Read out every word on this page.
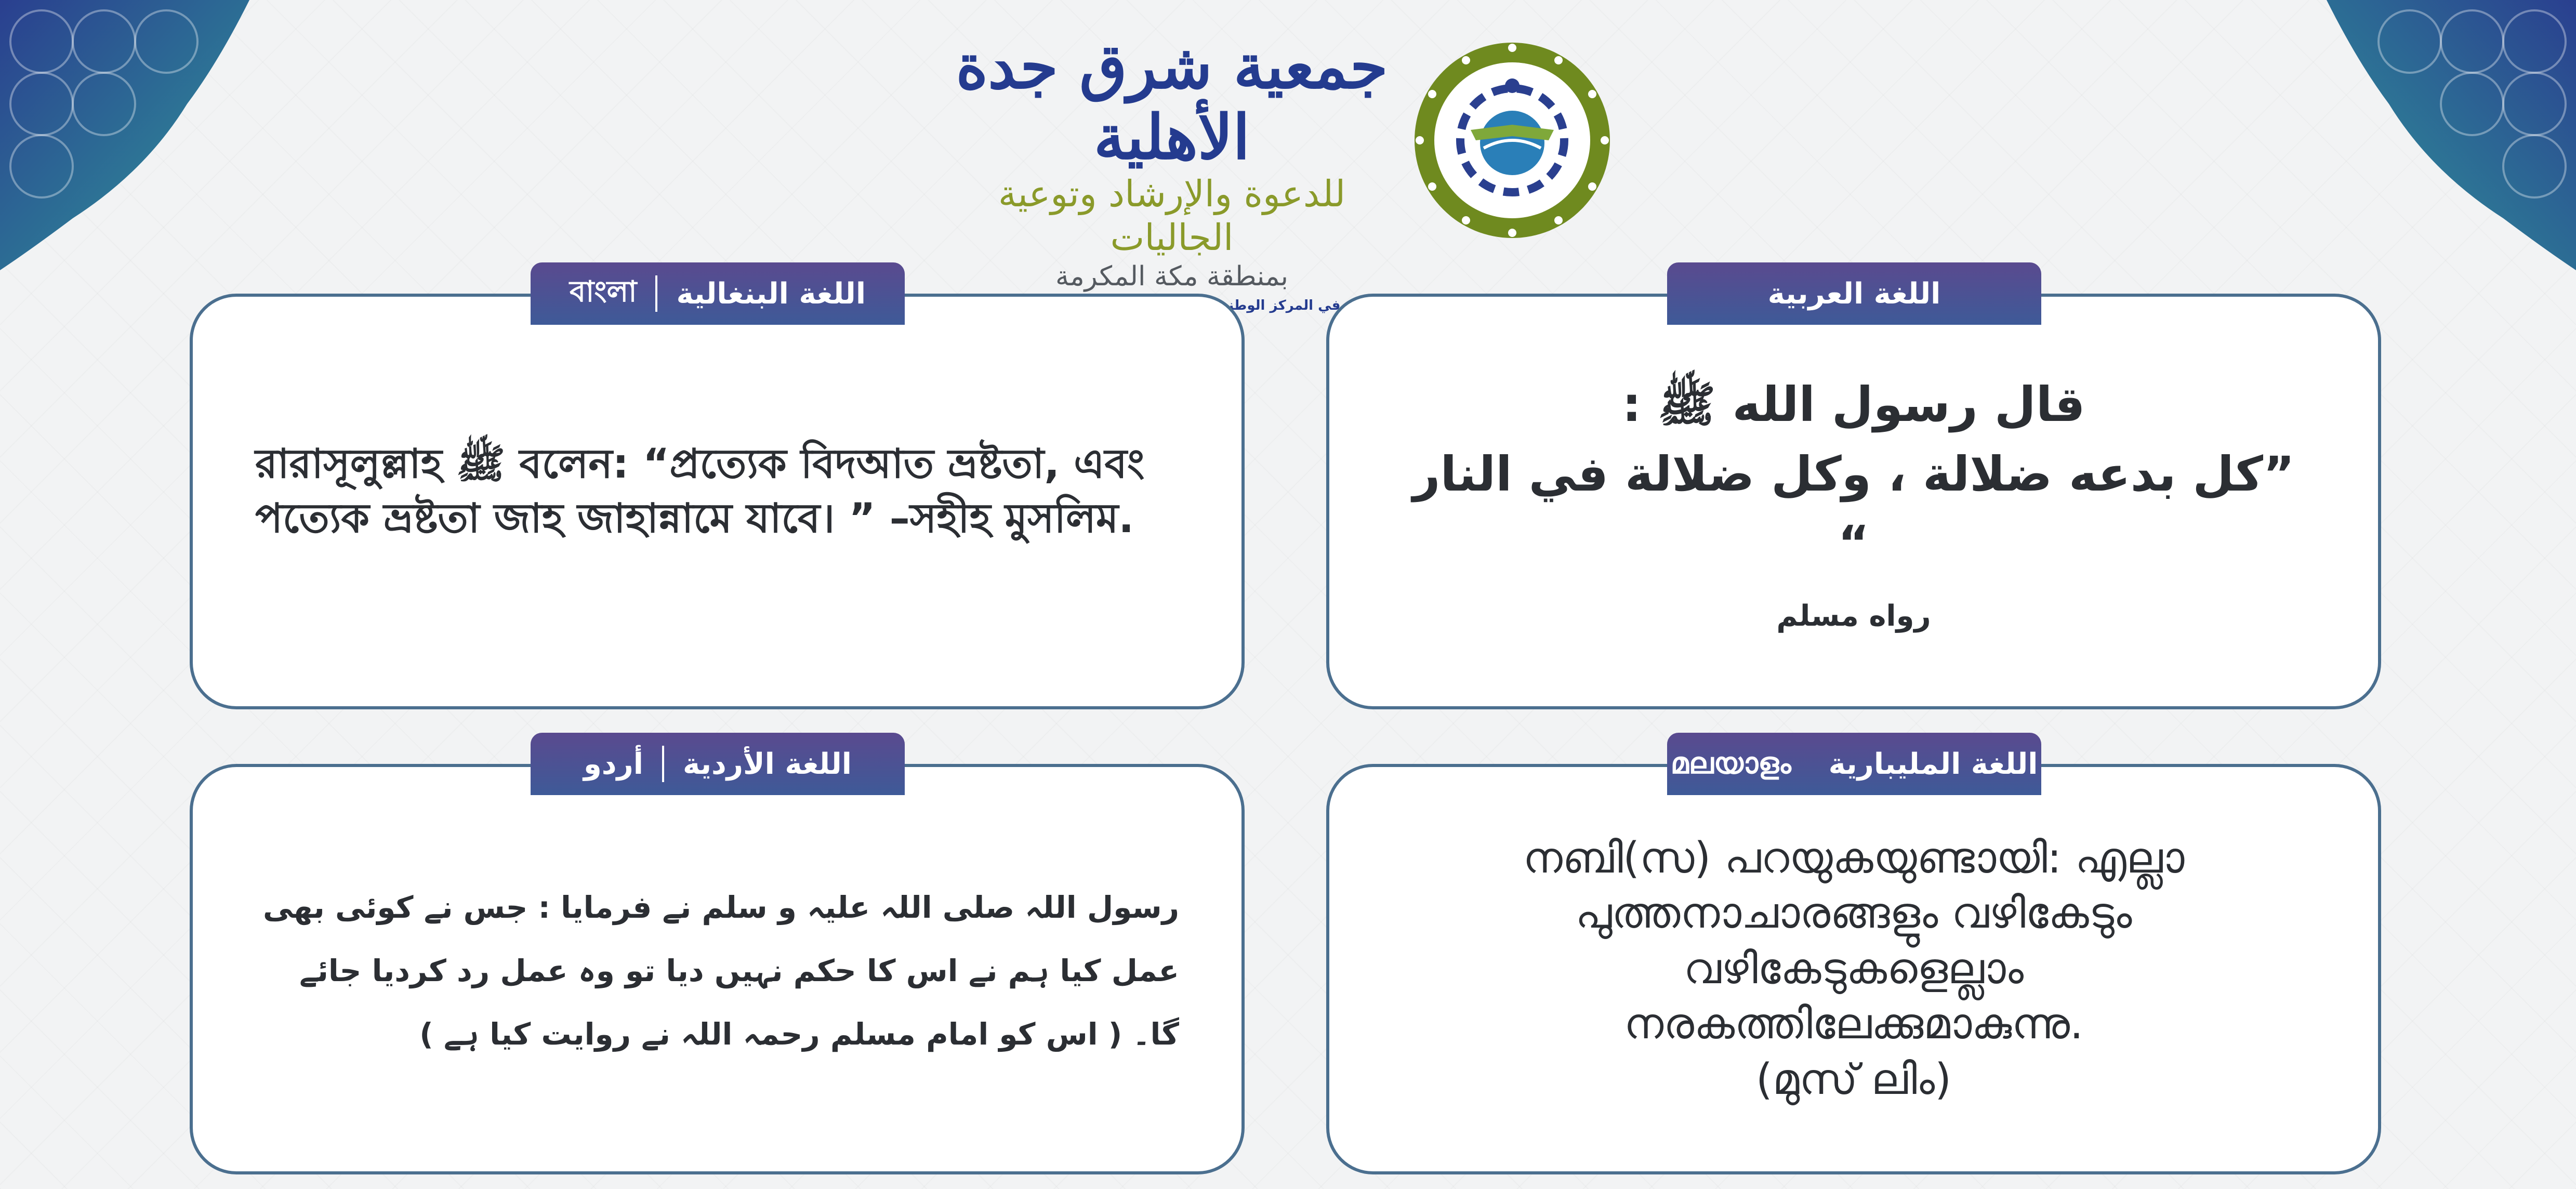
جمعية شرق جدة الأهلية
للدعوة والإرشاد وتوعية الجاليات
بمنطقة مكة المكرمة
في المركز الوطني	اللغة العربية
قال رسول الله ﷺ :
”كل بدعه ضلالة ، وكل ضلالة في النار “
رواه مسلم
বাংলা اللغة البنغالية
রারাসূলুল্লাহ ﷺ বলেন: “প্রত্যেক বিদআত ভ্রষ্টতা, এবং পত্যেক ভ্রষ্টতা জাহ জাহান্নামে যাবে। ” –সহীহ মুসলিম.
മലയാളം اللغة المليبارية
നബി(സ) പറയുകയുണ്ടായി: എല്ലാ
പുത്തനാചാരങ്ങളും വഴികേടും
വഴികേടുകളെല്ലാം
നരകത്തിലേക്കുമാകുന്നു.
(മുസ് ലിം)
أردو اللغة الأردية
رسول اللہ صلی اللہ علیہ و سلم نے فرمایا : جس نے کوئی بھی عمل کیا ہم نے اس کا حکم نہیں دیا تو وہ عمل رد کردیا جائے گا۔ ( اس کو امام مسلم رحمہ اللہ نے روایت کیا ہے )
